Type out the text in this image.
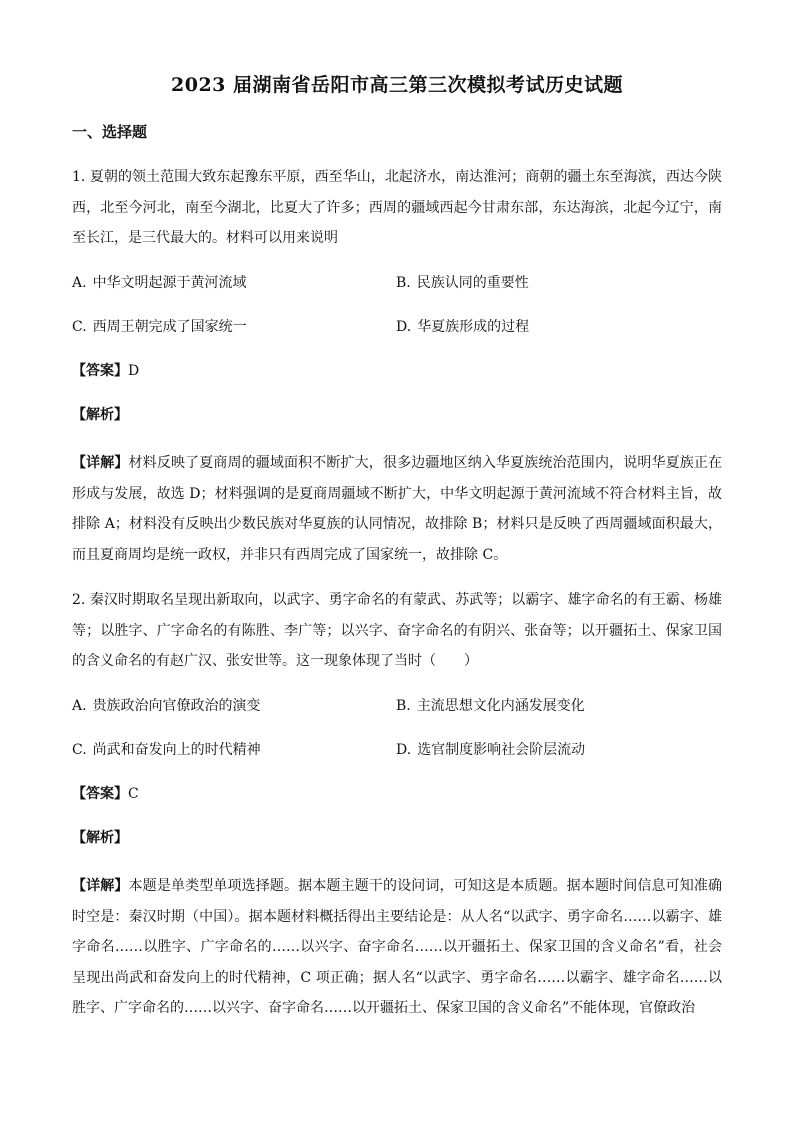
2023 届湖南省岳阳市高三第三次模拟考试历史试题
一、选择题
1. 夏朝的领土范围大致东起豫东平原，西至华山，北起济水，南达淮河；商朝的疆土东至海滨，西达今陕西，北至今河北，南至今湖北，比夏大了许多；西周的疆域西起今甘肃东部，东达海滨，北起今辽宁，南至长江，是三代最大的。材料可以用来说明
A. 中华文明起源于黄河流域	B. 民族认同的重要性
C. 西周王朝完成了国家统一	D. 华夏族形成的过程
【答案】D
【解析】
【详解】材料反映了夏商周的疆域面积不断扩大，很多边疆地区纳入华夏族统治范围内，说明华夏族正在形成与发展，故选 D；材料强调的是夏商周疆域不断扩大，中华文明起源于黄河流域不符合材料主旨，故排除 A；材料没有反映出少数民族对华夏族的认同情况，故排除 B；材料只是反映了西周疆域面积最大，而且夏商周均是统一政权，并非只有西周完成了国家统一，故排除 C。
2. 秦汉时期取名呈现出新取向，以武字、勇字命名的有蒙武、苏武等；以霸字、雄字命名的有王霸、杨雄等；以胜字、广字命名的有陈胜、李广等；以兴字、奋字命名的有阴兴、张奋等；以开疆拓土、保家卫国的含义命名的有赵广汉、张安世等。这一现象体现了当时（　　）
A. 贵族政治向官僚政治的演变	B. 主流思想文化内涵发展变化
C. 尚武和奋发向上的时代精神	D. 选官制度影响社会阶层流动
【答案】C
【解析】
【详解】本题是单类型单项选择题。据本题主题干的设问词，可知这是本质题。据本题时间信息可知准确时空是：秦汉时期（中国）。据本题材料概括得出主要结论是：从人名“以武字、勇字命名……以霸字、雄字命名……以胜字、广字命名的……以兴字、奋字命名……以开疆拓土、保家卫国的含义命名”看，社会呈现出尚武和奋发向上的时代精神，C 项正确；据人名“以武字、勇字命名……以霸字、雄字命名……以胜字、广字命名的……以兴字、奋字命名……以开疆拓土、保家卫国的含义命名”不能体现，官僚政治
